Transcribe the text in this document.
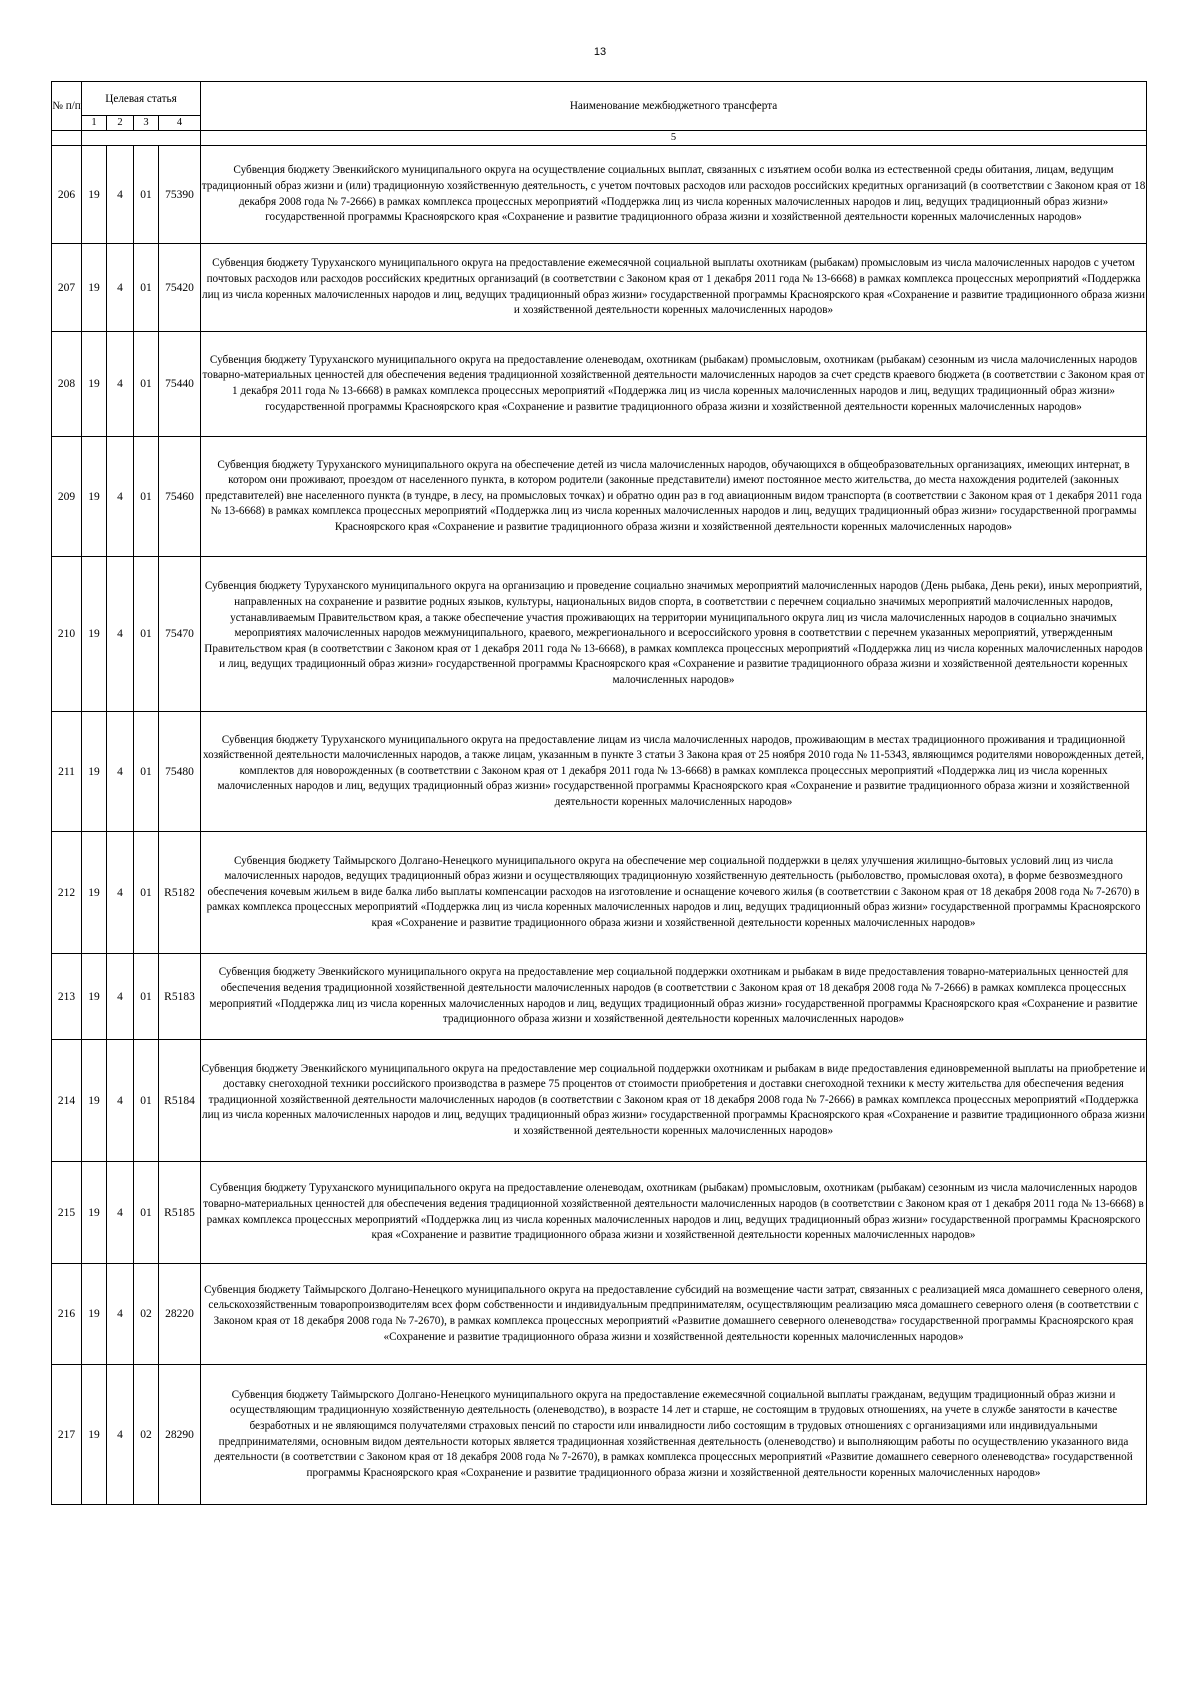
13
№ п/п	Целевая статья				Наименование межбюджетного трансферта
	1	2	3	4	
					5
206	19	4	01	75390	Субвенция бюджету Эвенкийского муниципального округа на осуществление социальных выплат, связанных с изъятием особи волка из естественной среды обитания, лицам, ведущим традиционный образ жизни и (или) традиционную хозяйственную деятельность, с учетом почтовых расходов или расходов российских кредитных организаций (в соответствии с Законом края от 18 декабря 2008 года № 7-2666) в рамках комплекса процессных мероприятий «Поддержка лиц из числа коренных малочисленных народов и лиц, ведущих традиционный образ жизни» государственной программы Красноярского края «Сохранение и развитие традиционного образа жизни и хозяйственной деятельности коренных малочисленных народов»
207	19	4	01	75420	Субвенция бюджету Туруханского муниципального округа на предоставление ежемесячной социальной выплаты охотникам (рыбакам) промысловым из числа малочисленных народов с учетом почтовых расходов или расходов российских кредитных организаций (в соответствии с Законом края от 1 декабря 2011 года № 13-6668) в рамках комплекса процессных мероприятий «Поддержка лиц из числа коренных малочисленных народов и лиц, ведущих традиционный образ жизни» государственной программы Красноярского края «Сохранение и развитие традиционного образа жизни и хозяйственной деятельности коренных малочисленных народов»
208	19	4	01	75440	Субвенция бюджету Туруханского муниципального округа на предоставление оленеводам, охотникам (рыбакам) промысловым, охотникам (рыбакам) сезонным из числа малочисленных народов товарно-материальных ценностей для обеспечения ведения традиционной хозяйственной деятельности малочисленных народов за счет средств краевого бюджета (в соответствии с Законом края от 1 декабря 2011 года № 13-6668) в рамках комплекса процессных мероприятий «Поддержка лиц из числа коренных малочисленных народов и лиц, ведущих традиционный образ жизни» государственной программы Красноярского края «Сохранение и развитие традиционного образа жизни и хозяйственной деятельности коренных малочисленных народов»
209	19	4	01	75460	Субвенция бюджету Туруханского муниципального округа на обеспечение детей из числа малочисленных народов, обучающихся в общеобразовательных организациях, имеющих интернат, в котором они проживают, проездом от населенного пункта, в котором родители (законные представители) имеют постоянное место жительства, до места нахождения родителей (законных представителей) вне населенного пункта (в тундре, в лесу, на промысловых точках) и обратно один раз в год авиационным видом транспорта (в соответствии с Законом края от 1 декабря 2011 года № 13-6668) в рамках комплекса процессных мероприятий «Поддержка лиц из числа коренных малочисленных народов и лиц, ведущих традиционный образ жизни» государственной программы Красноярского края «Сохранение и развитие традиционного образа жизни и хозяйственной деятельности коренных малочисленных народов»
210	19	4	01	75470	Субвенция бюджету Туруханского муниципального округа на организацию и проведение социально значимых мероприятий малочисленных народов (День рыбака, День реки), иных мероприятий, направленных на сохранение и развитие родных языков, культуры, национальных видов спорта, в соответствии с перечнем социально значимых мероприятий малочисленных народов, устанавливаемым Правительством края, а также обеспечение участия проживающих на территории муниципального округа лиц из числа малочисленных народов в социально значимых мероприятиях малочисленных народов межмуниципального, краевого, межрегионального и всероссийского уровня в соответствии с перечнем указанных мероприятий, утвержденным Правительством края (в соответствии с Законом края от 1 декабря 2011 года № 13-6668), в рамках комплекса процессных мероприятий «Поддержка лиц из числа коренных малочисленных народов и лиц, ведущих традиционный образ жизни» государственной программы Красноярского края «Сохранение и развитие традиционного образа жизни и хозяйственной деятельности коренных малочисленных народов»
211	19	4	01	75480	Субвенция бюджету Туруханского муниципального округа на предоставление лицам из числа малочисленных народов, проживающим в местах традиционного проживания и традиционной хозяйственной деятельности малочисленных народов, а также лицам, указанным в пункте 3 статьи 3 Закона края от 25 ноября 2010 года № 11-5343, являющимся родителями новорожденных детей, комплектов для новорожденных (в соответствии с Законом края от 1 декабря 2011 года № 13-6668) в рамках комплекса процессных мероприятий «Поддержка лиц из числа коренных малочисленных народов и лиц, ведущих традиционный образ жизни» государственной программы Красноярского края «Сохранение и развитие традиционного образа жизни и хозяйственной деятельности коренных малочисленных народов»
212	19	4	01	R5182	Субвенция бюджету Таймырского Долгано-Ненецкого муниципального округа на обеспечение мер социальной поддержки в целях улучшения жилищно-бытовых условий лиц из числа малочисленных народов, ведущих традиционный образ жизни и осуществляющих традиционную хозяйственную деятельность (рыболовство, промысловая охота), в форме безвозмездного обеспечения кочевым жильем в виде балка либо выплаты компенсации расходов на изготовление и оснащение кочевого жилья (в соответствии с Законом края от 18 декабря 2008 года № 7-2670) в рамках комплекса процессных мероприятий «Поддержка лиц из числа коренных малочисленных народов и лиц, ведущих традиционный образ жизни» государственной программы Красноярского края «Сохранение и развитие традиционного образа жизни и хозяйственной деятельности коренных малочисленных народов»
213	19	4	01	R5183	Субвенция бюджету Эвенкийского муниципального округа на предоставление мер социальной поддержки охотникам и рыбакам в виде предоставления товарно-материальных ценностей для обеспечения ведения традиционной хозяйственной деятельности малочисленных народов (в соответствии с Законом края от 18 декабря 2008 года № 7-2666) в рамках комплекса процессных мероприятий «Поддержка лиц из числа коренных малочисленных народов и лиц, ведущих традиционный образ жизни» государственной программы Красноярского края «Сохранение и развитие традиционного образа жизни и хозяйственной деятельности коренных малочисленных народов»
214	19	4	01	R5184	Субвенция бюджету Эвенкийского муниципального округа на предоставление мер социальной поддержки охотникам и рыбакам в виде предоставления единовременной выплаты на приобретение и доставку снегоходной техники российского производства в размере 75 процентов от стоимости приобретения и доставки снегоходной техники к месту жительства для обеспечения ведения традиционной хозяйственной деятельности малочисленных народов (в соответствии с Законом края от 18 декабря 2008 года № 7-2666) в рамках комплекса процессных мероприятий «Поддержка лиц из числа коренных малочисленных народов и лиц, ведущих традиционный образ жизни» государственной программы Красноярского края «Сохранение и развитие традиционного образа жизни и хозяйственной деятельности коренных малочисленных народов»
215	19	4	01	R5185	Субвенция бюджету Туруханского муниципального округа на предоставление оленеводам, охотникам (рыбакам) промысловым, охотникам (рыбакам) сезонным из числа малочисленных народов товарно-материальных ценностей для обеспечения ведения традиционной хозяйственной деятельности малочисленных народов (в соответствии с Законом края от 1 декабря 2011 года № 13-6668) в рамках комплекса процессных мероприятий «Поддержка лиц из числа коренных малочисленных народов и лиц, ведущих традиционный образ жизни» государственной программы Красноярского края «Сохранение и развитие традиционного образа жизни и хозяйственной деятельности коренных малочисленных народов»
216	19	4	02	28220	Субвенция бюджету Таймырского Долгано-Ненецкого муниципального округа на предоставление субсидий на возмещение части затрат, связанных с реализацией мяса домашнего северного оленя, сельскохозяйственным товаропроизводителям всех форм собственности и индивидуальным предпринимателям, осуществляющим реализацию мяса домашнего северного оленя (в соответствии с Законом края от 18 декабря 2008 года № 7-2670), в рамках комплекса процессных мероприятий «Развитие домашнего северного оленеводства» государственной программы Красноярского края «Сохранение и развитие традиционного образа жизни и хозяйственной деятельности коренных малочисленных народов»
217	19	4	02	28290	Субвенция бюджету Таймырского Долгано-Ненецкого муниципального округа на предоставление ежемесячной социальной выплаты гражданам, ведущим традиционный образ жизни и осуществляющим традиционную хозяйственную деятельность (оленеводство), в возрасте 14 лет и старше, не состоящим в трудовых отношениях, на учете в службе занятости в качестве безработных и не являющимся получателями страховых пенсий по старости или инвалидности либо состоящим в трудовых отношениях с организациями или индивидуальными предпринимателями, основным видом деятельности которых является традиционная хозяйственная деятельность (оленеводство) и выполняющим работы по осуществлению указанного вида деятельности (в соответствии с Законом края от 18 декабря 2008 года № 7-2670), в рамках комплекса процессных мероприятий «Развитие домашнего северного оленеводства» государственной программы Красноярского края «Сохранение и развитие традиционного образа жизни и хозяйственной деятельности коренных малочисленных народов»
